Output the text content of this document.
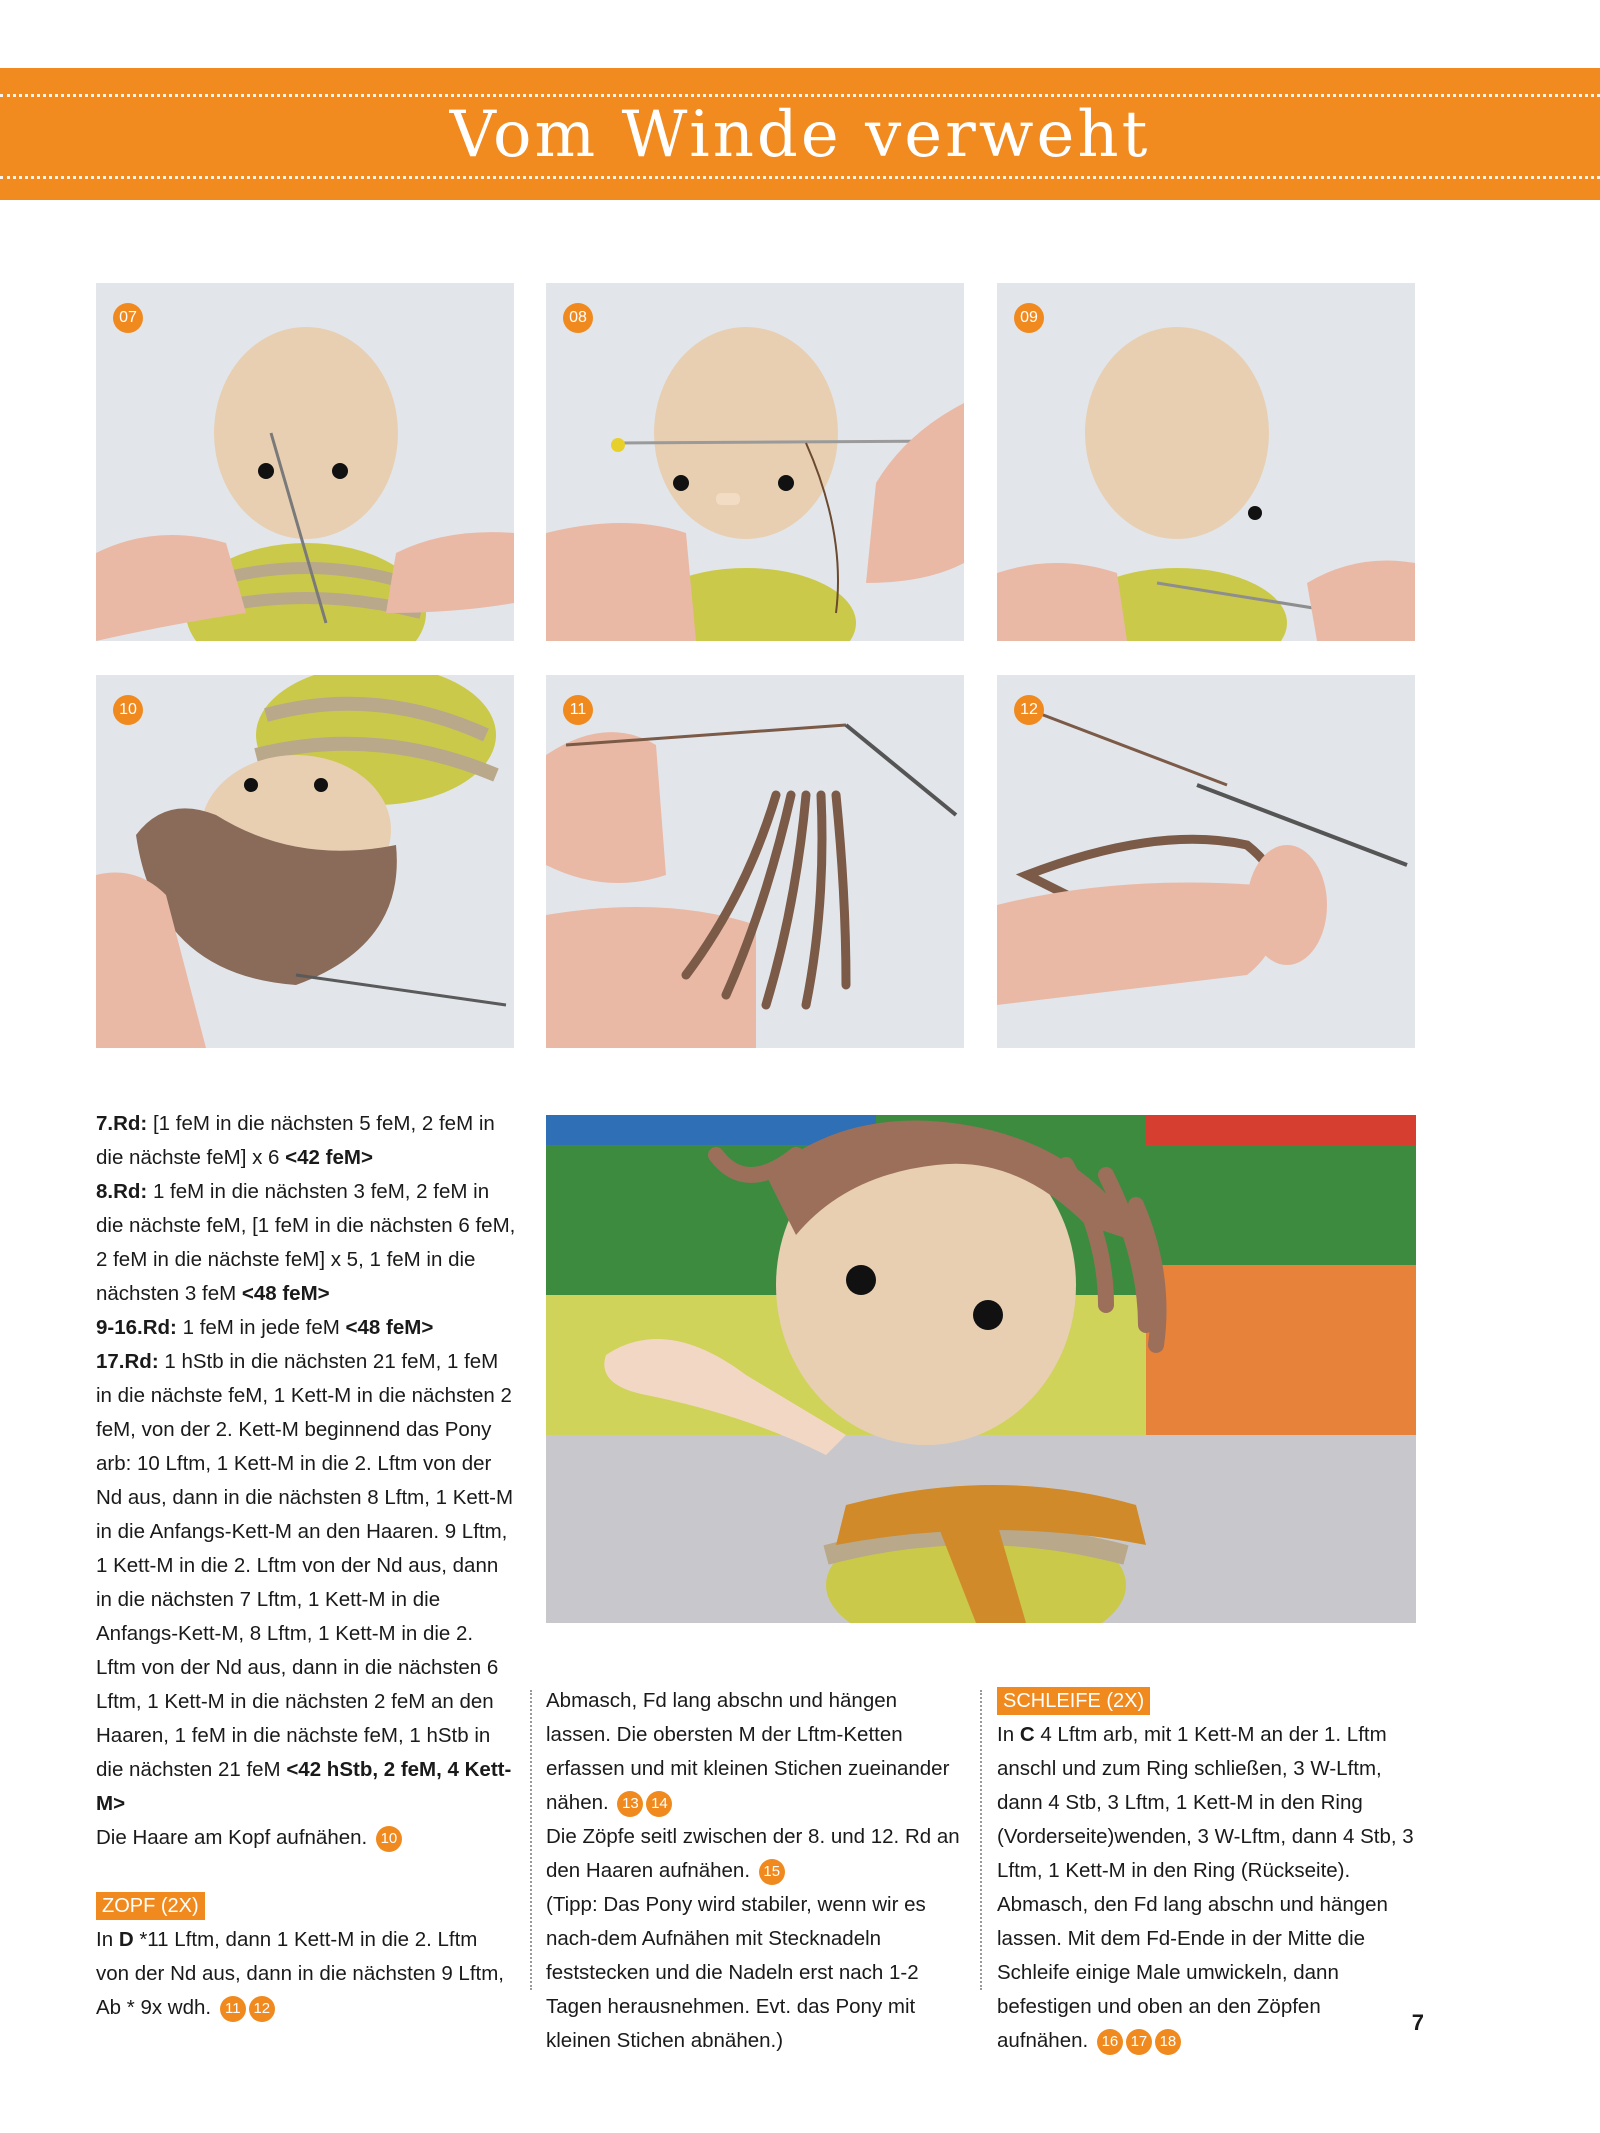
Vom Winde verweht
07	08	09
10	11	12

7.Rd: [1 feM in die nächsten 5 feM, 2 feM in die nächste feM] x 6 <42 feM>

8.Rd: 1 feM in die nächsten 3 feM, 2 feM in die nächste feM, [1 feM in die nächsten 6 feM, 2 feM in die nächste feM] x 5, 1 feM in die nächsten 3 feM <48 feM>

9-16.Rd: 1 feM in jede feM <48 feM>

17.Rd: 1 hStb in die nächsten 21 feM, 1 feM in die nächste feM, 1 Kett-M in die nächsten 2 feM, von der 2. Kett-M beginnend das Pony arb: 10 Lftm, 1 Kett-M in die 2. Lftm von der Nd aus, dann in die nächsten 8 Lftm, 1 Kett-M in die Anfangs-Kett-M an den Haaren. 9 Lftm, 1 Kett-M in die 2. Lftm von der Nd aus, dann in die nächsten 7 Lftm, 1 Kett-M in die Anfangs-Kett-M, 8 Lftm, 1 Kett-M in die 2. Lftm von der Nd aus, dann in die nächsten 6 Lftm, 1 Kett-M in die nächsten 2 feM an den Haaren, 1 feM in die nächste feM, 1 hStb in die nächsten 21 feM <42 hStb, 2 feM, 4 Kett-M>

Die Haare am Kopf aufnähen. 10

ZOPF (2X)

In D *11 Lftm, dann 1 Kett-M in die 2. Lftm von der Nd aus, dann in die nächsten 9 Lftm, Ab * 9x wdh. 11 12

Abmasch, Fd lang abschn und hängen lassen. Die obersten M der Lftm-Ketten erfassen und mit kleinen Stichen zueinander nähen. 13 14

Die Zöpfe seitl zwischen der 8. und 12. Rd an den Haaren aufnähen. 15

(Tipp: Das Pony wird stabiler, wenn wir es nach-dem Aufnähen mit Stecknadeln feststecken und die Nadeln erst nach 1-2 Tagen herausnehmen. Evt. das Pony mit kleinen Stichen abnähen.)

SCHLEIFE (2X)

In C 4 Lftm arb, mit 1 Kett-M an der 1. Lftm anschl und zum Ring schließen, 3 W-Lftm, dann 4 Stb, 3 Lftm, 1 Kett-M in den Ring (Vorderseite)wenden, 3 W-Lftm, dann 4 Stb, 3 Lftm, 1 Kett-M in den Ring (Rückseite). Abmasch, den Fd lang abschn und hängen lassen. Mit dem Fd-Ende in der Mitte die Schleife einige Male umwickeln, dann befestigen und oben an den Zöpfen aufnähen. 16 17 18

7
